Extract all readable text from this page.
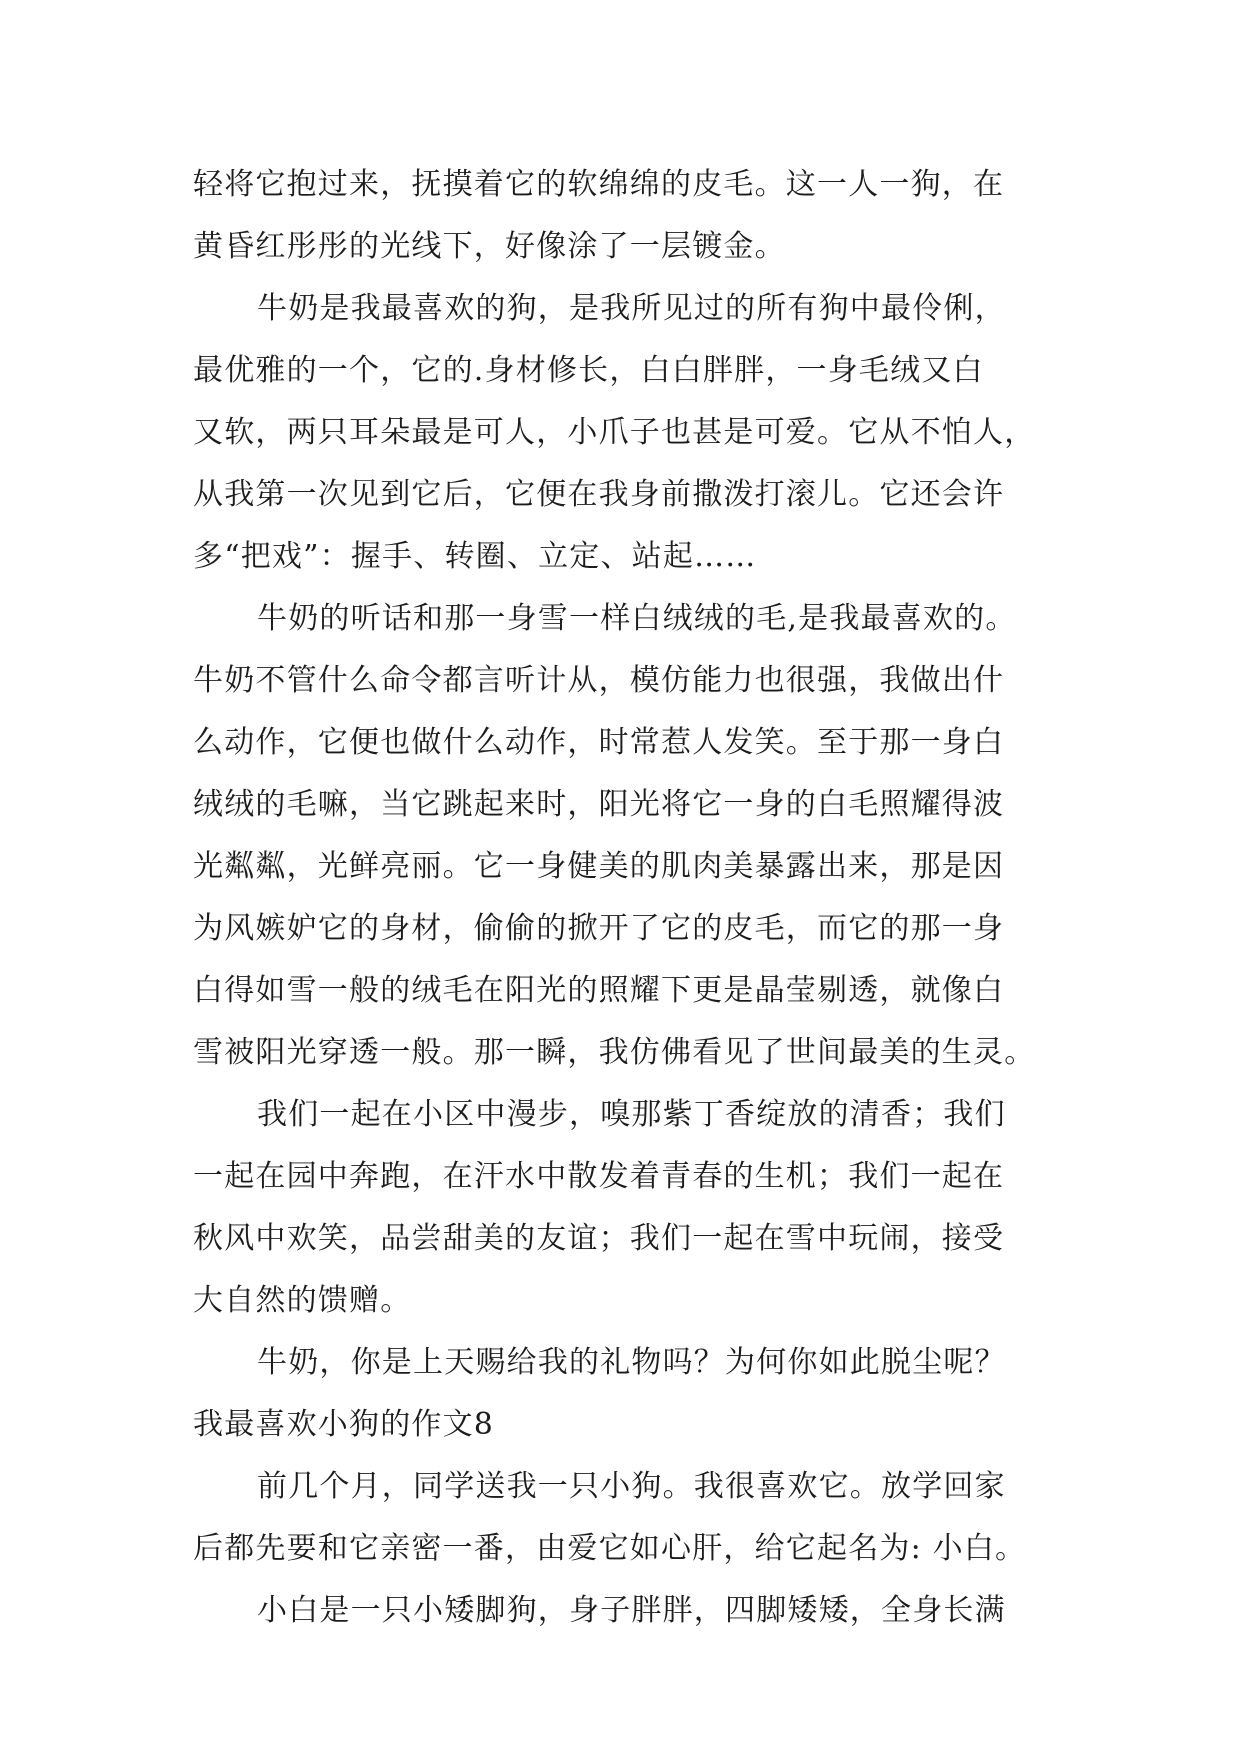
轻将它抱过来，抚摸着它的软绵绵的皮毛。这一人一狗，在
黄昏红彤彤的光线下，好像涂了一层镀金。
牛奶是我最喜欢的狗，是我所见过的所有狗中最伶俐，
最优雅的一个，它的.身材修长，白白胖胖，一身毛绒又白
又软，两只耳朵最是可人，小爪子也甚是可爱。它从不怕人，
从我第一次见到它后，它便在我身前撒泼打滚儿。它还会许
多“把戏”：握手、转圈、立定、站起……
牛奶的听话和那一身雪一样白绒绒的毛,是我最喜欢的。
牛奶不管什么命令都言听计从，模仿能力也很强，我做出什
么动作，它便也做什么动作，时常惹人发笑。至于那一身白
绒绒的毛嘛，当它跳起来时，阳光将它一身的白毛照耀得波
光粼粼，光鲜亮丽。它一身健美的肌肉美暴露出来，那是因
为风嫉妒它的身材，偷偷的掀开了它的皮毛，而它的那一身
白得如雪一般的绒毛在阳光的照耀下更是晶莹剔透，就像白
雪被阳光穿透一般。那一瞬，我仿佛看见了世间最美的生灵。
我们一起在小区中漫步，嗅那紫丁香绽放的清香；我们
一起在园中奔跑，在汗水中散发着青春的生机；我们一起在
秋风中欢笑，品尝甜美的友谊；我们一起在雪中玩闹，接受
大自然的馈赠。
牛奶，你是上天赐给我的礼物吗？为何你如此脱尘呢？
我最喜欢小狗的作文8
前几个月，同学送我一只小狗。我很喜欢它。放学回家
后都先要和它亲密一番，由爱它如心肝，给它起名为: 小白。
小白是一只小矮脚狗，身子胖胖，四脚矮矮，全身长满
